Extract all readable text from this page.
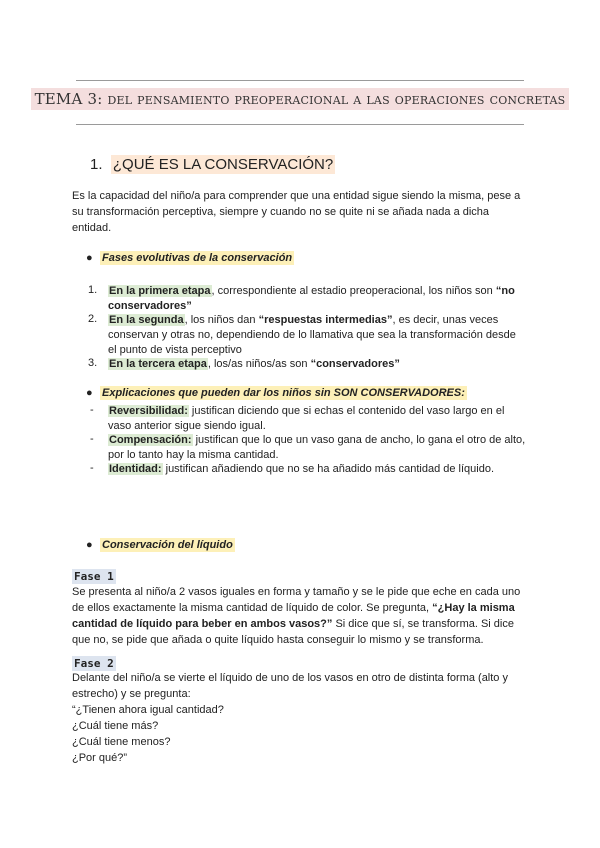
TEMA 3: del pensamiento preoperacional a las operaciones concretas
1. ¿QUÉ ES LA CONSERVACIÓN?
Es la capacidad del niño/a para comprender que una entidad sigue siendo la misma, pese a
su transformación perceptiva, siempre y cuando no se quite ni se añada nada a dicha
entidad.
● Fases evolutivas de la conservación
1. En la primera etapa, correspondiente al estadio preoperacional, los niños son “no conservadores”
2. En la segunda, los niños dan “respuestas intermedias”, es decir, unas veces
conservan y otras no, dependiendo de lo llamativa que sea la transformación desde
el punto de vista perceptivo
3. En la tercera etapa, los/as niños/as son “conservadores”
● Explicaciones que pueden dar los niños sin SON CONSERVADORES:
- Reversibilidad: justifican diciendo que si echas el contenido del vaso largo en el
vaso anterior sigue siendo igual.
- Compensación: justifican que lo que un vaso gana de ancho, lo gana el otro de alto,
por lo tanto hay la misma cantidad.
- Identidad: justifican añadiendo que no se ha añadido más cantidad de líquido.
● Conservación del líquido
Fase 1
Se presenta al niño/a 2 vasos iguales en forma y tamaño y se le pide que eche en cada uno
de ellos exactamente la misma cantidad de líquido de color. Se pregunta, “¿Hay la misma
cantidad de líquido para beber en ambos vasos?” Si dice que sí, se transforma. Si dice
que no, se pide que añada o quite líquido hasta conseguir lo mismo y se transforma.
Fase 2
Delante del niño/a se vierte el líquido de uno de los vasos en otro de distinta forma (alto y
estrecho) y se pregunta:
“¿Tienen ahora igual cantidad?
¿Cuál tiene más?
¿Cuál tiene menos?
¿Por qué?”
